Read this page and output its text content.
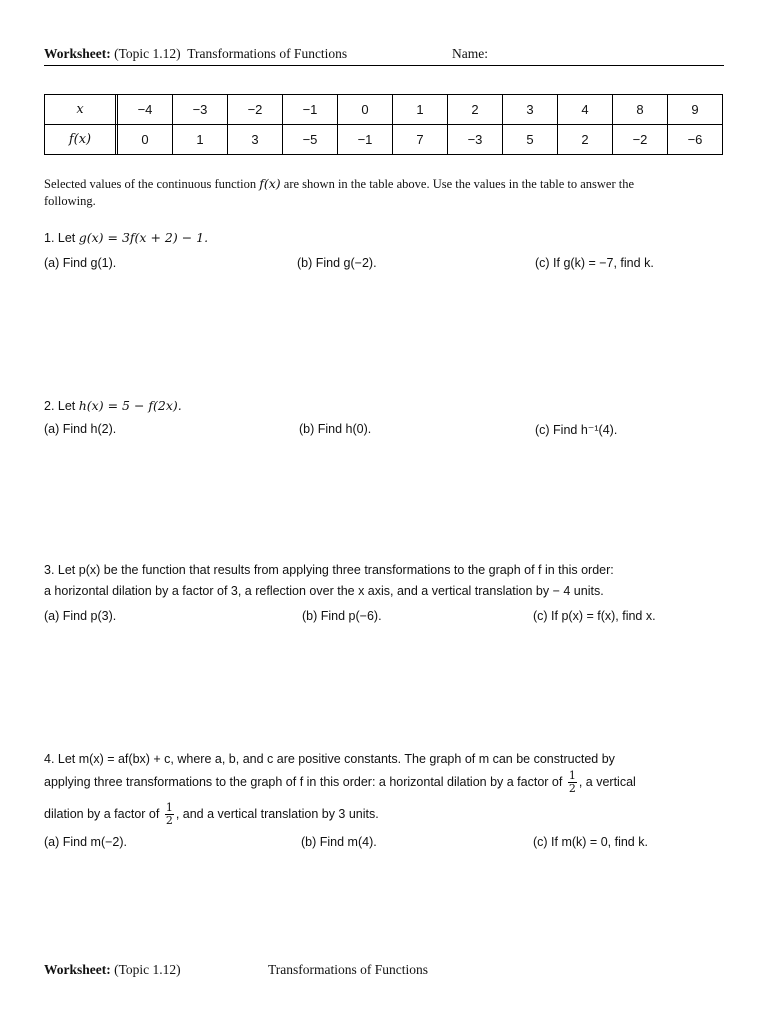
Worksheet: (Topic 1.12) Transformations of Functions	Name:
x		−4	−3	−2	−1	0	1	2	3	4	8	9
f(x)		0	1	3	−5	−1	7	−3	5	2	−2	−6
Selected values of the continuous function f(x) are shown in the table above. Use the values in the table to answer the
following.
1. Let g(x) = 3f(x + 2) − 1.
(a) Find g(1).	(b) Find g(−2).	(c) If g(k) = −7, find k.
2. Let h(x) = 5 − f(2x).
(a) Find h(2).	(b) Find h(0).	(c) Find h⁻¹(4).
3. Let p(x) be the function that results from applying three transformations to the graph of f in this order:
a horizontal dilation by a factor of 3, a reflection over the x axis, and a vertical translation by − 4 units.
(a) Find p(3).	(b) Find p(−6).	(c) If p(x) = f(x), find x.
4. Let m(x) = af(bx) + c, where a, b, and c are positive constants. The graph of m can be constructed by
applying three transformations to the graph of f in this order: a horizontal dilation by a factor of $\frac{1}{2}$ , a vertical
dilation by a factor of $\frac{1}{2}$ , and a vertical translation by 3 units.
(a) Find m(−2).	(b) Find m(4).	(c) If m(k) = 0, find k.
Worksheet: (Topic 1.12)	Transformations of Functions
